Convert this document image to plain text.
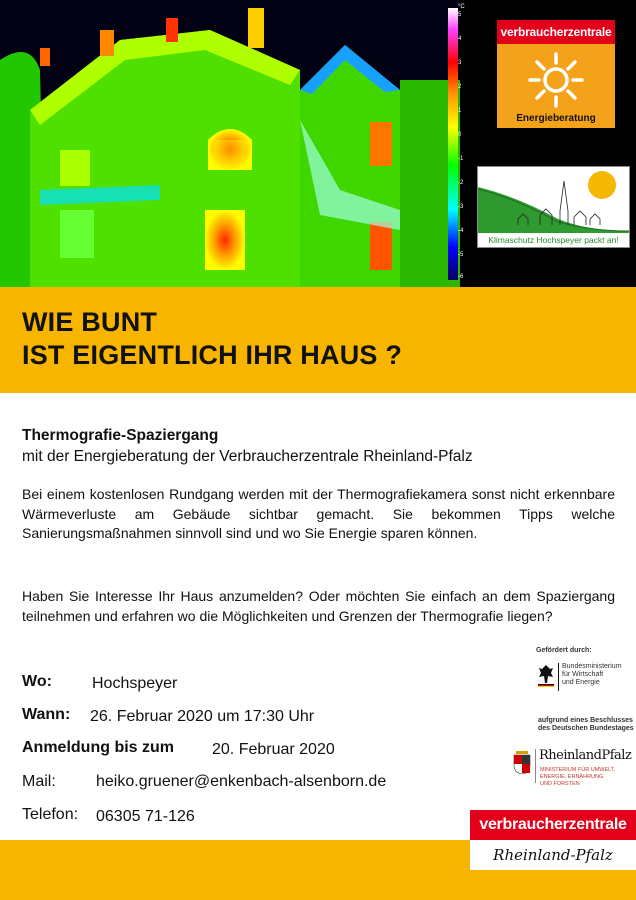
°C
5
4
3
2
1
0
-1
-2
-3
-4
-5
-6
verbraucherzentrale
Energieberatung
Klimaschutz Hochspeyer packt an!
WIE BUNT
IST EIGENTLICH IHR HAUS ?
Thermografie-Spaziergang
mit der Energieberatung der Verbraucherzentrale Rheinland-Pfalz
Bei einem kostenlosen Rundgang werden mit der Thermografiekamera sonst nicht erkennbare Wärmeverluste am Gebäude sichtbar gemacht. Sie bekommen Tipps welche Sanierungsmaßnahmen sinnvoll sind und wo Sie Energie sparen können.
Haben Sie Interesse Ihr Haus anzumelden? Oder möchten Sie einfach an dem Spaziergang teilnehmen und erfahren wo die Möglichkeiten und Grenzen der Thermografie liegen?
Wo:	Hochspeyer
Wann: 26. Februar 2020 um 17:30 Uhr
Anmeldung bis zum 20. Februar 2020
Mail:	heiko.gruener@enkenbach-alsenborn.de
Telefon: 06305 71-126
Gefördert durch:
Bundesministerium
für Wirtschaft
und Energie
aufgrund eines Beschlusses
des Deutschen Bundestages
RheinlandPfalz
MINISTERIUM FÜR UMWELT,
ENERGIE, ERNÄHRUNG
UND FORSTEN
verbraucherzentrale
Rheinland-Pfalz
